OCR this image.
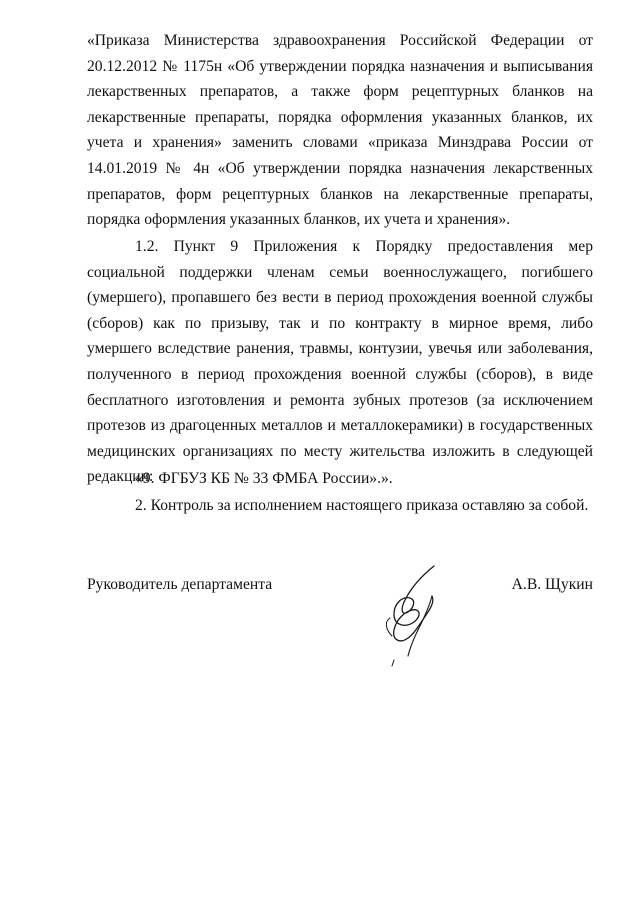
«Приказа Министерства здравоохранения Российской Федерации от 20.12.2012 № 1175н «Об утверждении порядка назначения и выписывания лекарственных препаратов, а также форм рецептурных бланков на лекарственные препараты, порядка оформления указанных бланков, их учета и хранения» заменить словами «приказа Минздрава России от 14.01.2019 № 4н «Об утверждении порядка назначения лекарственных препаратов, форм рецептурных бланков на лекарственные препараты, порядка оформления указанных бланков, их учета и хранения».
1.2. Пункт 9 Приложения к Порядку предоставления мер социальной поддержки членам семьи военнослужащего, погибшего (умершего), пропавшего без вести в период прохождения военной службы (сборов) как по призыву, так и по контракту в мирное время, либо умершего вследствие ранения, травмы, контузии, увечья или заболевания, полученного в период прохождения военной службы (сборов), в виде бесплатного изготовления и ремонта зубных протезов (за исключением протезов из драгоценных металлов и металлокерамики) в государственных медицинских организациях по месту жительства изложить в следующей редакции:
«9. ФГБУЗ КБ № 33 ФМБА России».».
2. Контроль за исполнением настоящего приказа оставляю за собой.
Руководитель департамента	А.В. Щукин
